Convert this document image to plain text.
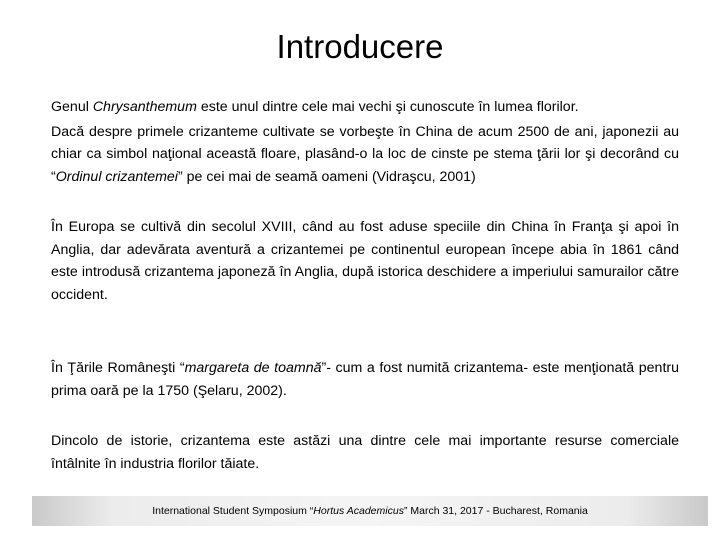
Introducere

Genul Chrysanthemum este unul dintre cele mai vechi şi cunoscute în lumea florilor.

Dacă despre primele crizanteme cultivate se vorbeşte în China de acum 2500 de ani, japonezii au chiar ca simbol naţional această floare, plasând-o la loc de cinste pe stema ţării lor şi decorând cu “Ordinul crizantemei” pe cei mai de seamă oameni (Vidraşcu, 2001)

În Europa se cultivă din secolul XVIII, când au fost aduse speciile din China în Franţa şi apoi în Anglia, dar adevărata aventură a crizantemei pe continentul european începe abia în 1861 când este introdusă crizantema japoneză în Anglia, după istorica deschidere a imperiului samurailor către occident.

În Ţările Româneşti “margareta de toamnă”- cum a fost numită crizantema- este menţionată pentru prima oară pe la 1750 (Şelaru, 2002).

Dincolo de istorie, crizantema este astăzi una dintre cele mai importante resurse comerciale întâlnite în industria florilor tăiate.

International Student Symposium “Hortus Academicus” March 31, 2017 - Bucharest, Romania
